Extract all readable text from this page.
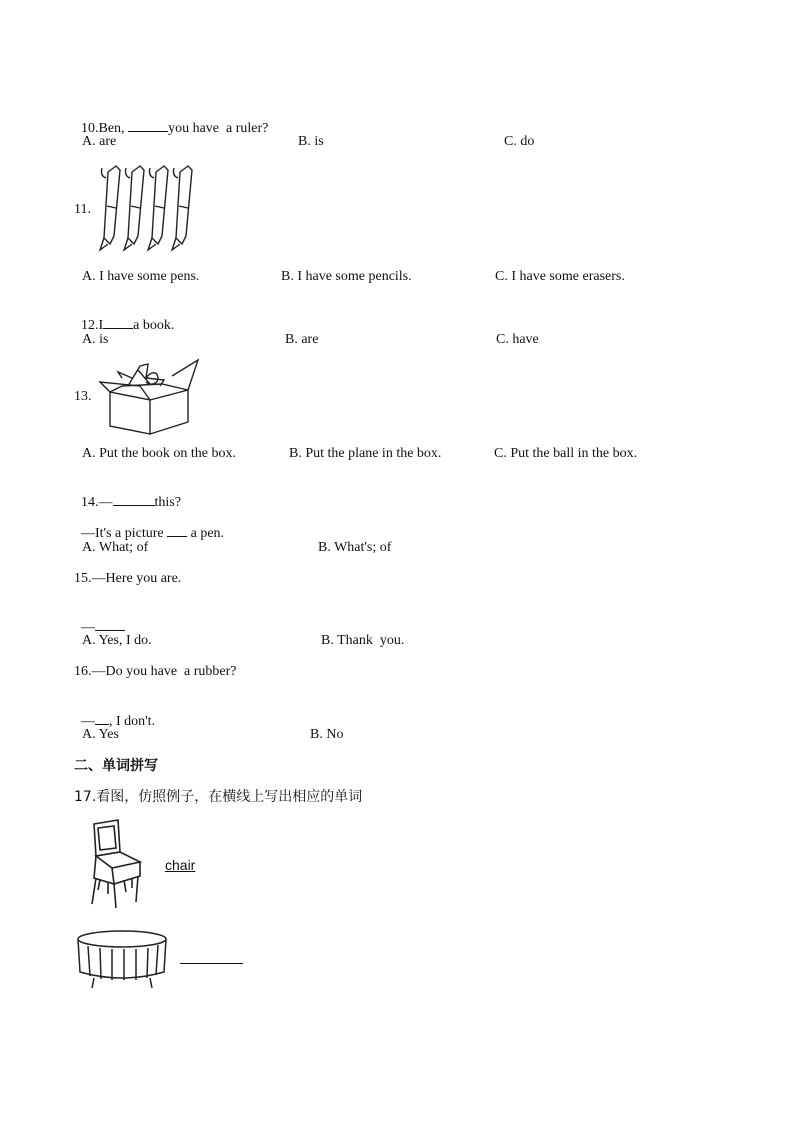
10.Ben,	you have  a ruler?

A. are	B. is	C. do
11.
A. I have some pens.	B. I have some pencils.	C. I have some erasers.

12.I a book.

A. is	B. are	C. have
13.
A. Put the book on the box.	B. Put the plane in the box.	C. Put the ball in the box.

14.—	this?

—It's a picture  a pen.

A. What; of	B. What's; of
15.—Here you are.

—

A. Yes, I do.	B. Thank  you.
16.—Do you have  a rubber?

— , I don't.

A. Yes	B. No
二、单词拼写
17.看图，仿照例子，在横线上写出相应的单词
chair
